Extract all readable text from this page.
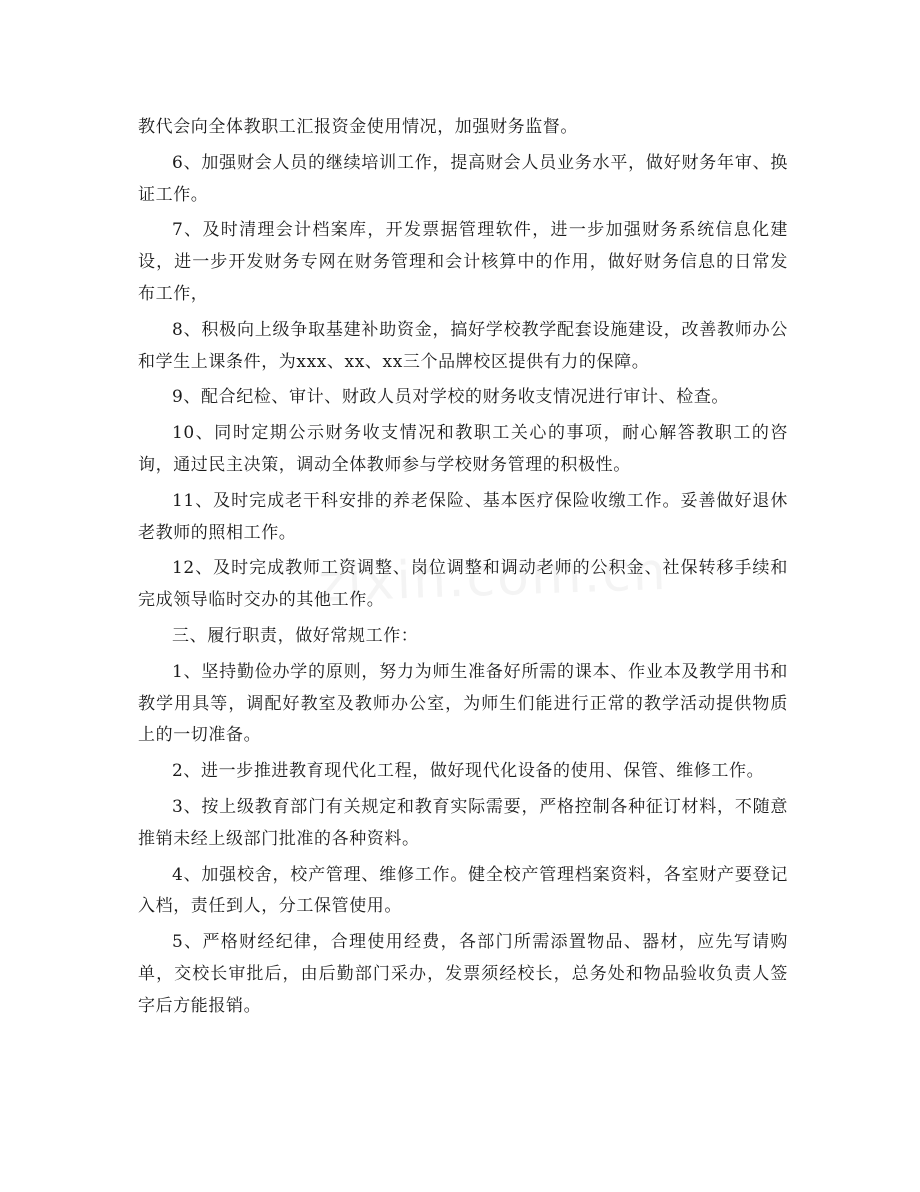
教代会向全体教职工汇报资金使用情况，加强财务监督。

6、加强财会人员的继续培训工作，提高财会人员业务水平，做好财务年审、换证工作。

7、及时清理会计档案库，开发票据管理软件，进一步加强财务系统信息化建设，进一步开发财务专网在财务管理和会计核算中的作用，做好财务信息的日常发布工作，

8、积极向上级争取基建补助资金，搞好学校教学配套设施建设，改善教师办公和学生上课条件，为xxx、xx、xx三个品牌校区提供有力的保障。

9、配合纪检、审计、财政人员对学校的财务收支情况进行审计、检查。

10、同时定期公示财务收支情况和教职工关心的事项，耐心解答教职工的咨询，通过民主决策，调动全体教师参与学校财务管理的积极性。

11、及时完成老干科安排的养老保险、基本医疗保险收缴工作。妥善做好退休老教师的照相工作。

12、及时完成教师工资调整、岗位调整和调动老师的公积金、社保转移手续和完成领导临时交办的其他工作。

三、履行职责，做好常规工作：

1、坚持勤俭办学的原则，努力为师生准备好所需的课本、作业本及教学用书和教学用具等，调配好教室及教师办公室，为师生们能进行正常的教学活动提供物质上的一切准备。

2、进一步推进教育现代化工程，做好现代化设备的使用、保管、维修工作。

3、按上级教育部门有关规定和教育实际需要，严格控制各种征订材料，不随意推销未经上级部门批准的各种资料。

4、加强校舍，校产管理、维修工作。健全校产管理档案资料，各室财产要登记入档，责任到人，分工保管使用。

5、严格财经纪律，合理使用经费，各部门所需添置物品、器材，应先写请购单，交校长审批后，由后勤部门采办，发票须经校长，总务处和物品验收负责人签字后方能报销。
